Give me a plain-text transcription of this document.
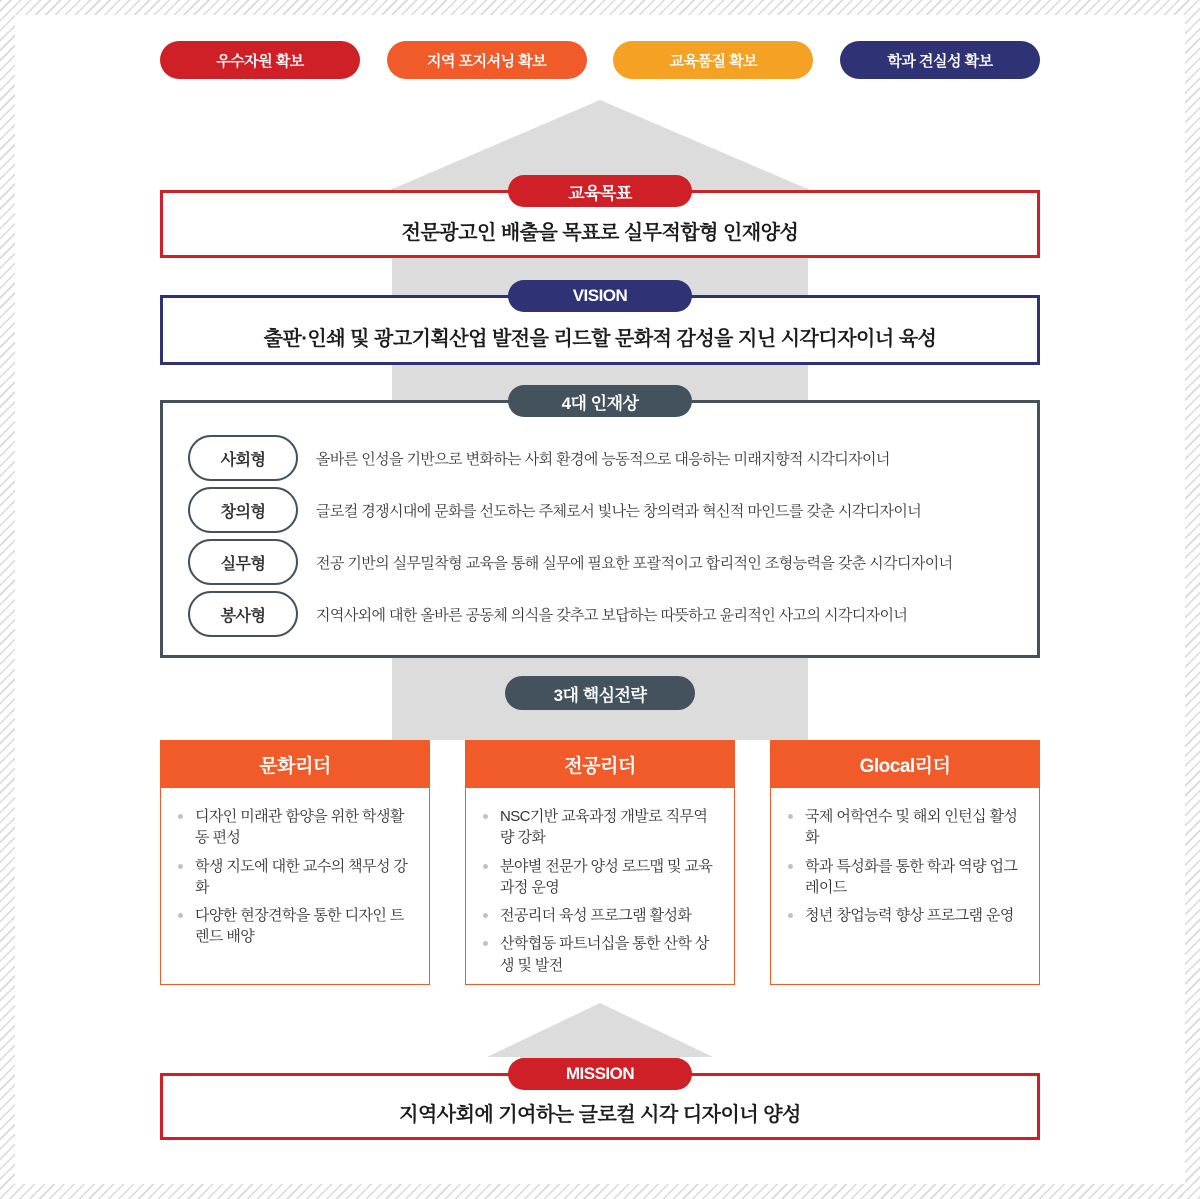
우수자원 확보	지역 포지셔닝 확보	교육품질 확보	학과 견실성 확보
교육목표
전문광고인 배출을 목표로 실무적합형 인재양성
VISION
출판·인쇄 및 광고기획산업 발전을 리드할 문화적 감성을 지닌 시각디자이너 육성
4대 인재상
사회형	올바른 인성을 기반으로 변화하는 사회 환경에 능동적으로 대응하는 미래지향적 시각디자이너
창의형	글로컬 경쟁시대에 문화를 선도하는 주체로서 빛나는 창의력과 혁신적 마인드를 갖춘 시각디자이너
실무형	전공 기반의 실무밀착형 교육을 통해 실무에 필요한 포괄적이고 합리적인 조형능력을 갖춘 시각디자이너
봉사형	지역사외에 대한 올바른 공동체 의식을 갖추고 보답하는 따뜻하고 윤리적인 사고의 시각디자이너
3대 핵심전략
문화리더
디자인 미래관 함양을 위한 학생활동 편성
학생 지도에 대한 교수의 책무성 강화
다양한 현장견학을 통한 디자인 트렌드 배양
전공리더
NSC기반 교육과정 개발로 직무역량 강화
분야별 전문가 양성 로드맵 및 교육과정 운영
전공리더 육성 프로그램 활성화
산학협동 파트너십을 통한 산학 상생 및 발전
Glocal리더
국제 어학연수 및 해외 인턴십 활성화
학과 특성화를 통한 학과 역량 업그레이드
청년 창업능력 향상 프로그램 운영
MISSION
지역사회에 기여하는 글로컬 시각 디자이너 양성
